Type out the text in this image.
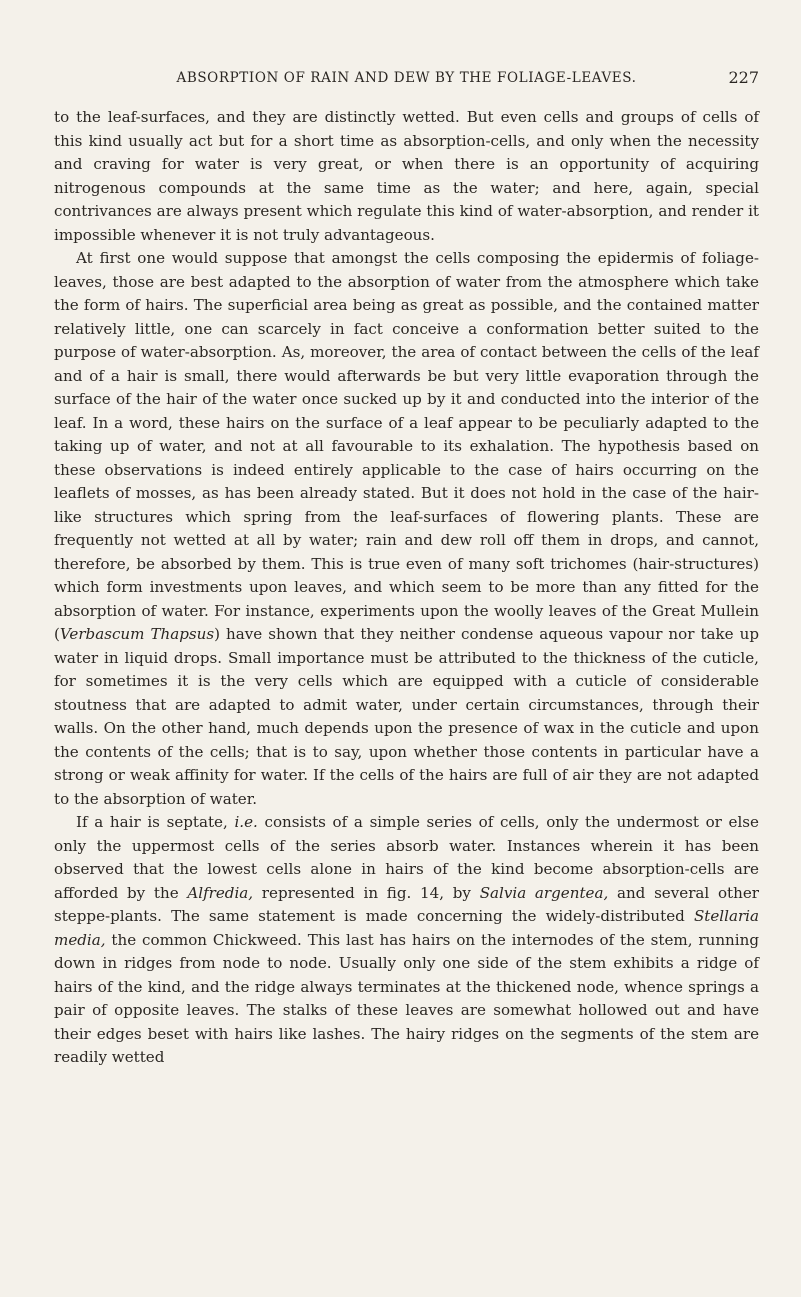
ABSORPTION OF RAIN AND DEW BY THE FOLIAGE-LEAVES.	227

to the leaf-surfaces, and they are distinctly wetted. But even cells and groups of cells of this kind usually act but for a short time as absorption-cells, and only when the necessity and craving for water is very great, or when there is an opportunity of acquiring nitrogenous compounds at the same time as the water; and here, again, special contrivances are always present which regulate this kind of water-absorption, and render it impossible whenever it is not truly advantageous.

At first one would suppose that amongst the cells composing the epidermis of foliage-leaves, those are best adapted to the absorption of water from the atmosphere which take the form of hairs. The superficial area being as great as possible, and the contained matter relatively little, one can scarcely in fact conceive a conformation better suited to the purpose of water-absorption. As, moreover, the area of contact between the cells of the leaf and of a hair is small, there would afterwards be but very little evaporation through the surface of the hair of the water once sucked up by it and conducted into the interior of the leaf. In a word, these hairs on the surface of a leaf appear to be peculiarly adapted to the taking up of water, and not at all favourable to its exhalation. The hypothesis based on these observations is indeed entirely applicable to the case of hairs occurring on the leaflets of mosses, as has been already stated. But it does not hold in the case of the hair-like structures which spring from the leaf-surfaces of flowering plants. These are frequently not wetted at all by water; rain and dew roll off them in drops, and cannot, therefore, be absorbed by them. This is true even of many soft trichomes (hair-structures) which form investments upon leaves, and which seem to be more than any fitted for the absorption of water. For instance, experiments upon the woolly leaves of the Great Mullein (Verbascum Thapsus) have shown that they neither condense aqueous vapour nor take up water in liquid drops. Small importance must be attributed to the thickness of the cuticle, for sometimes it is the very cells which are equipped with a cuticle of considerable stoutness that are adapted to admit water, under certain circumstances, through their walls. On the other hand, much depends upon the presence of wax in the cuticle and upon the contents of the cells; that is to say, upon whether those contents in particular have a strong or weak affinity for water. If the cells of the hairs are full of air they are not adapted to the absorption of water.

If a hair is septate, i.e. consists of a simple series of cells, only the undermost or else only the uppermost cells of the series absorb water. Instances wherein it has been observed that the lowest cells alone in hairs of the kind become absorption-cells are afforded by the Alfredia, represented in fig. 14, by Salvia argentea, and several other steppe-plants. The same statement is made concerning the widely-distributed Stellaria media, the common Chickweed. This last has hairs on the internodes of the stem, running down in ridges from node to node. Usually only one side of the stem exhibits a ridge of hairs of the kind, and the ridge always terminates at the thickened node, whence springs a pair of opposite leaves. The stalks of these leaves are somewhat hollowed out and have their edges beset with hairs like lashes. The hairy ridges on the segments of the stem are readily wetted
